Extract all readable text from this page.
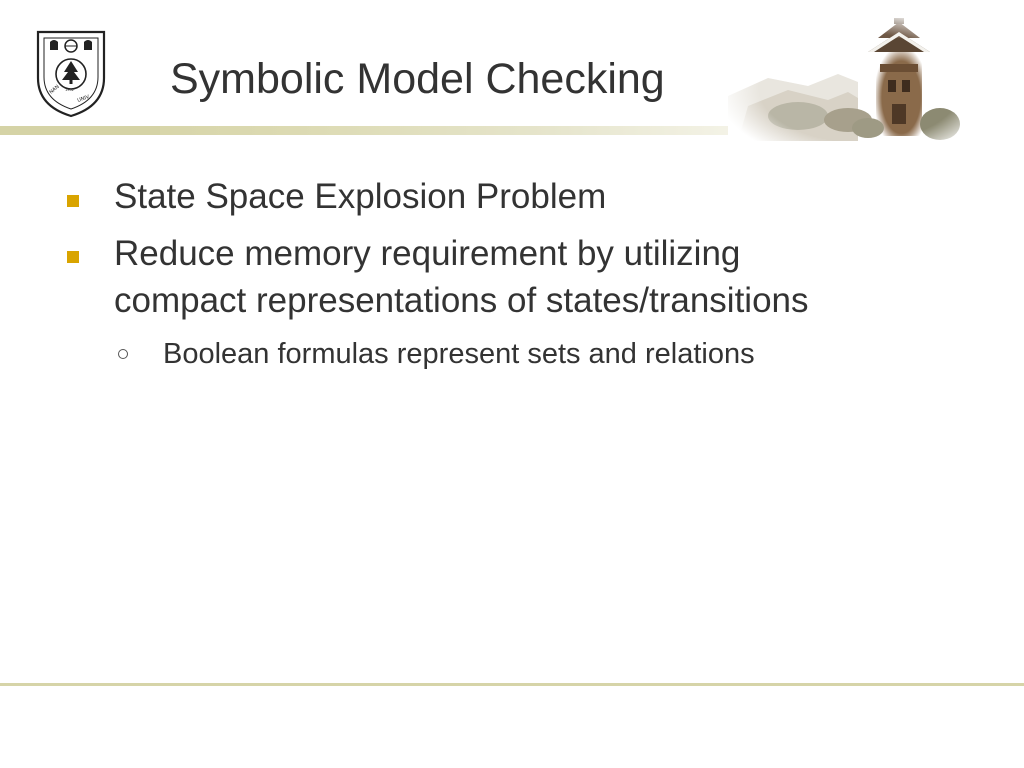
NAN
UNIV
1902 Symbolic Model Checking
State Space Explosion Problem
Reduce memory requirement by utilizing
compact representations of states/transitions
Boolean formulas represent sets and relations
